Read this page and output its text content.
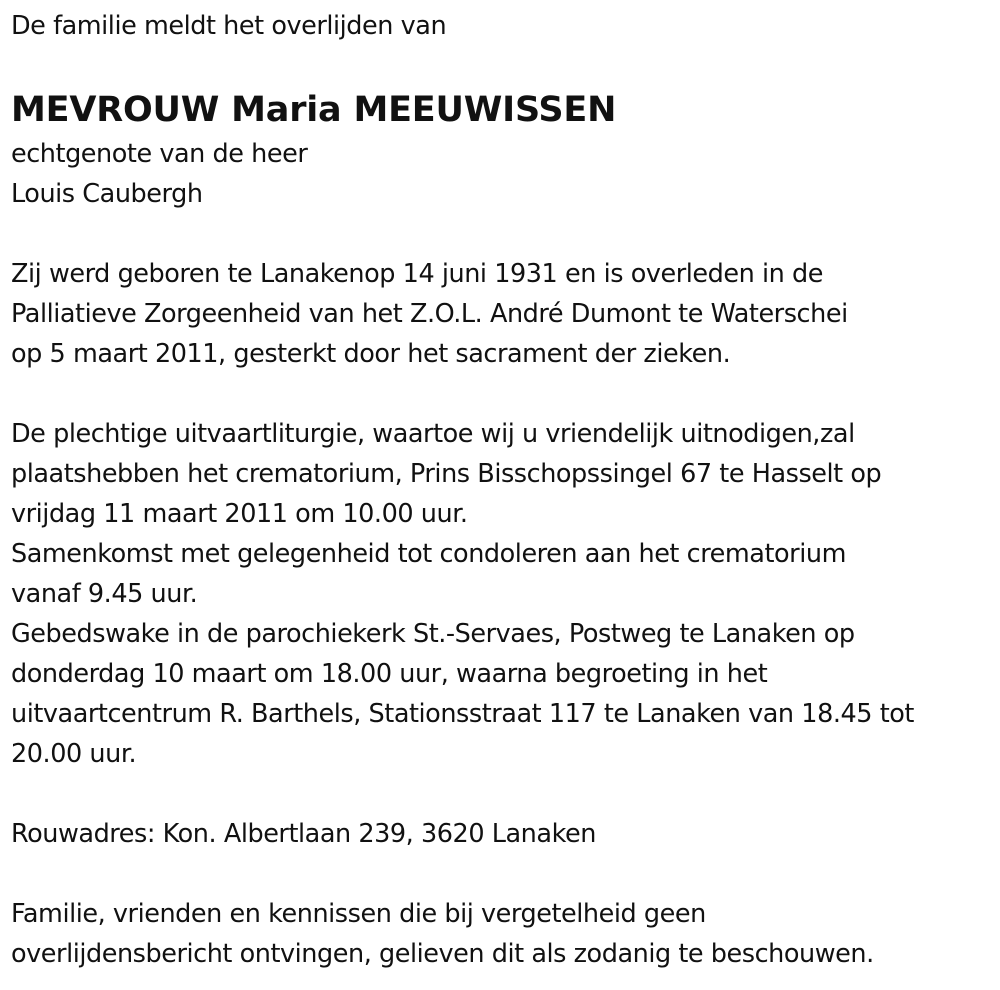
De familie meldt het overlijden van
MEVROUW Maria MEEUWISSEN
echtgenote van de heer
Louis Caubergh
Zij werd geboren te Lanakenop 14 juni 1931 en is overleden in de
Palliatieve Zorgeenheid van het Z.O.L. André Dumont te Waterschei
op 5 maart 2011, gesterkt door het sacrament der zieken.
De plechtige uitvaartliturgie, waartoe wij u vriendelijk uitnodigen,zal
plaatshebben het crematorium, Prins Bisschopssingel 67 te Hasselt op
vrijdag 11 maart 2011 om 10.00 uur.
Samenkomst met gelegenheid tot condoleren aan het crematorium
vanaf 9.45 uur.
Gebedswake in de parochiekerk St.-Servaes, Postweg te Lanaken op
donderdag 10 maart om 18.00 uur, waarna begroeting in het
uitvaartcentrum R. Barthels, Stationsstraat 117 te Lanaken van 18.45 tot
20.00 uur.
Rouwadres: Kon. Albertlaan 239, 3620 Lanaken
Familie, vrienden en kennissen die bij vergetelheid geen
overlijdensbericht ontvingen, gelieven dit als zodanig te beschouwen.
